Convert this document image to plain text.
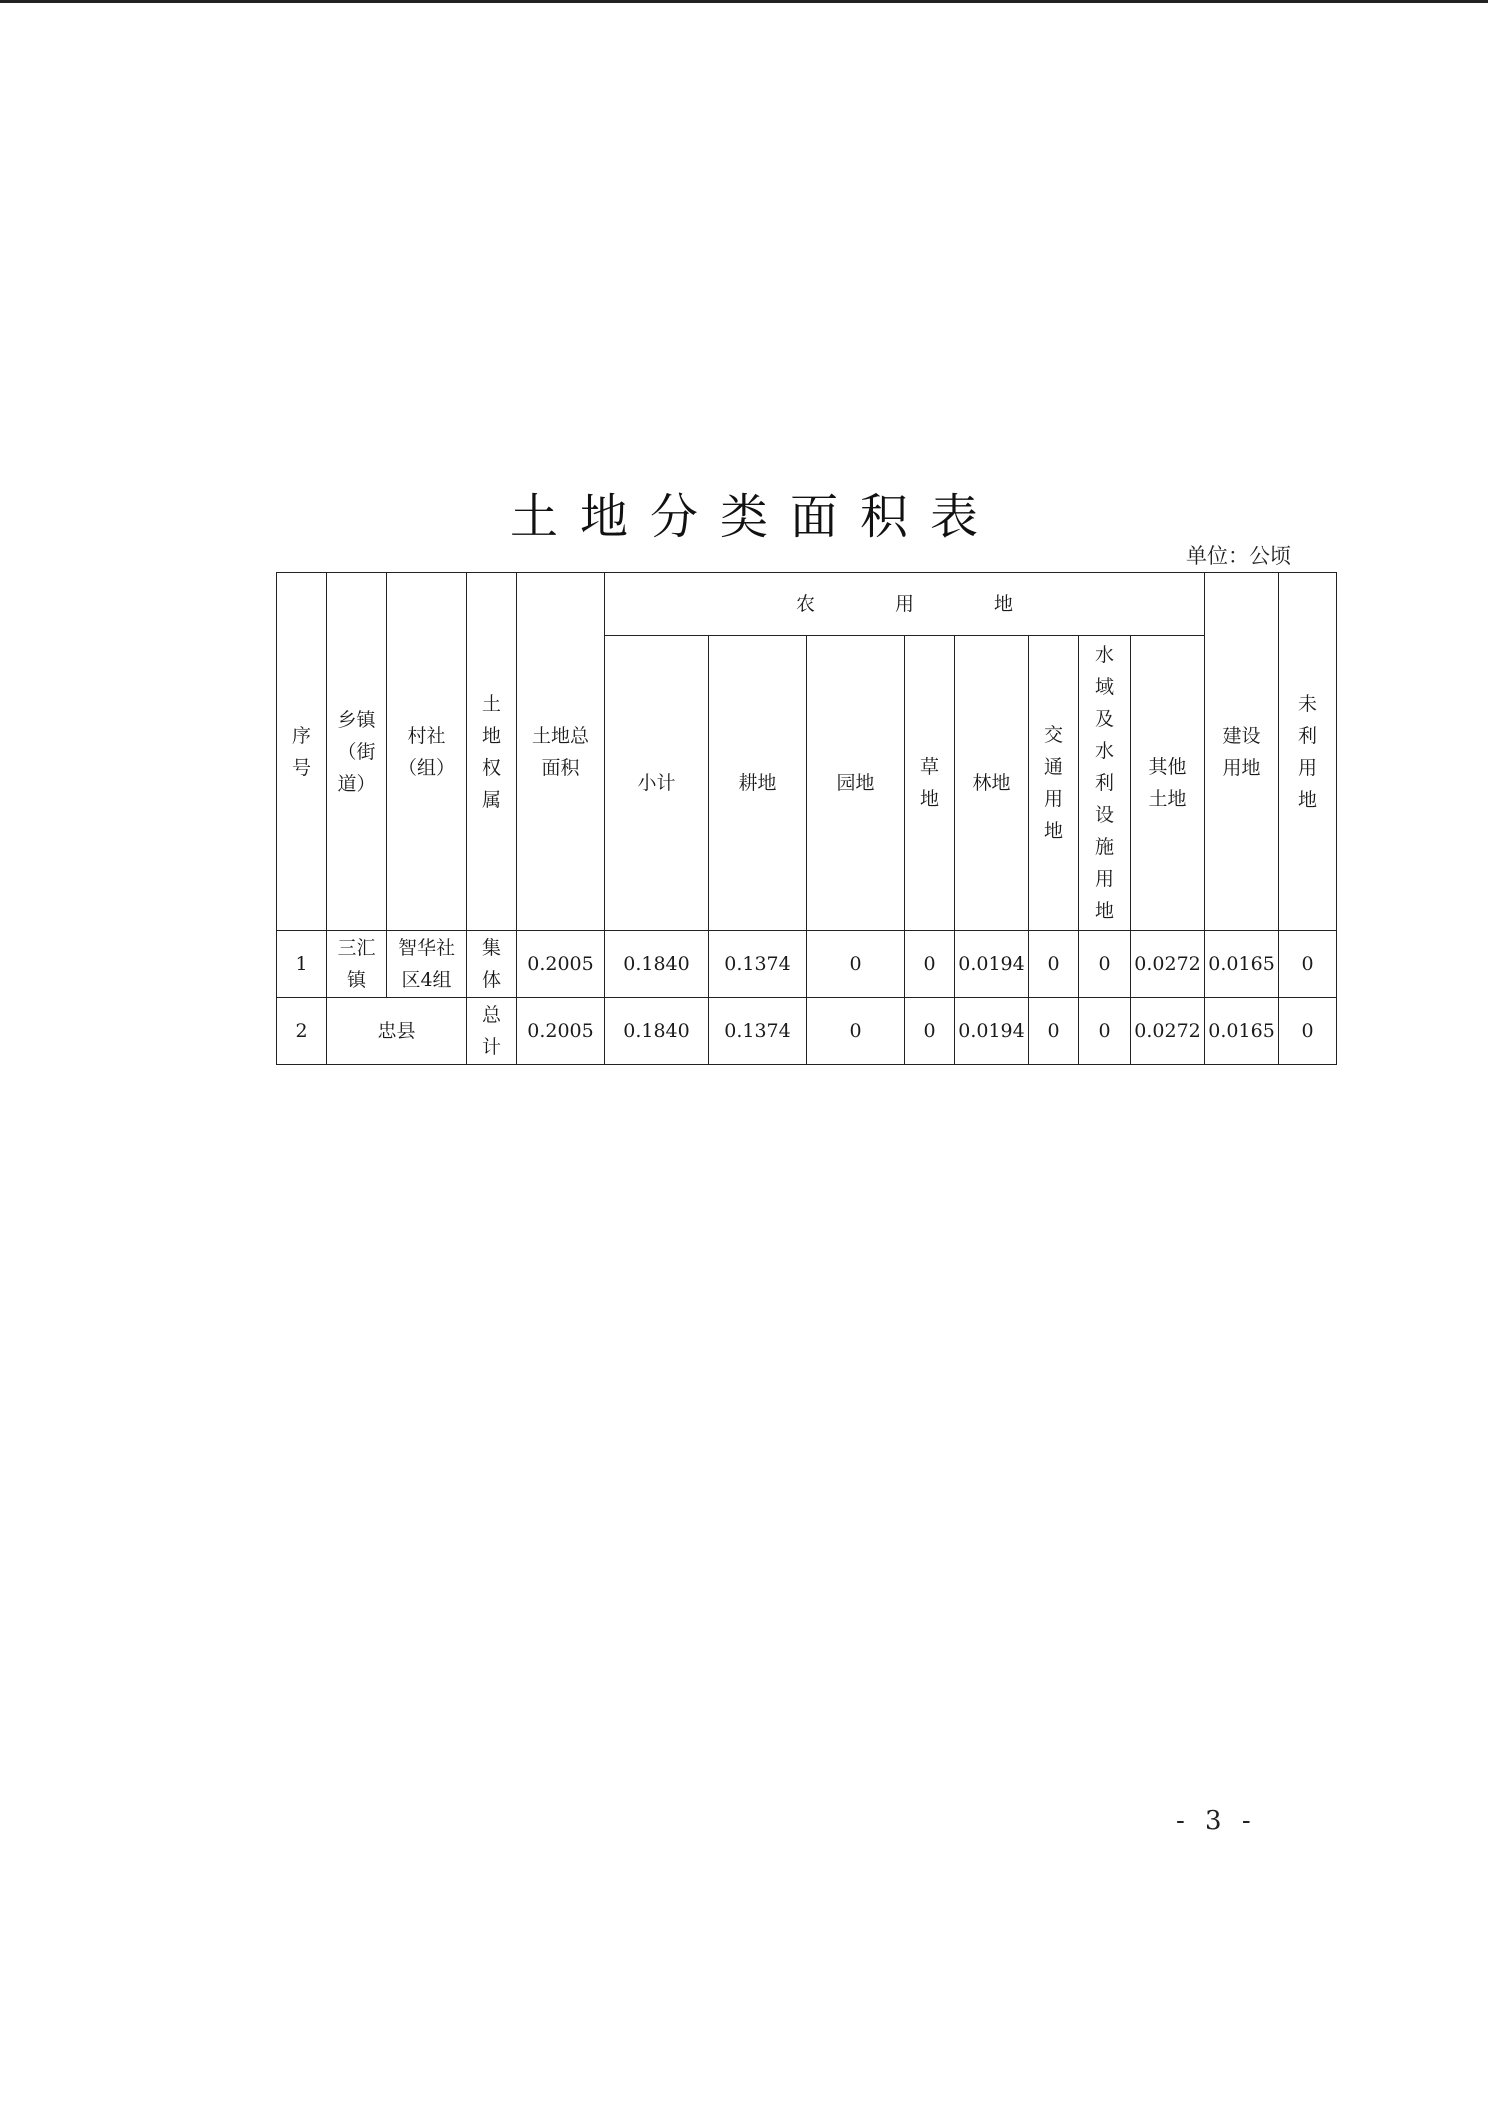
土地分类面积表
单位：公顷
序号	乡镇（街道）	村社（组）	土地权属	土地总面积	农 用 地								建设用地	未利用地
					小计	耕地	园地	草地	林地	交通用地	水域及水利设施用地	其他土地		
1	三汇镇	智华社区4组	集体	0.2005	0.1840	0.1374	0	0	0.0194	0	0	0.0272	0.0165	0
2	忠县		总计	0.2005	0.1840	0.1374	0	0	0.0194	0	0	0.0272	0.0165	0
- 3 -
